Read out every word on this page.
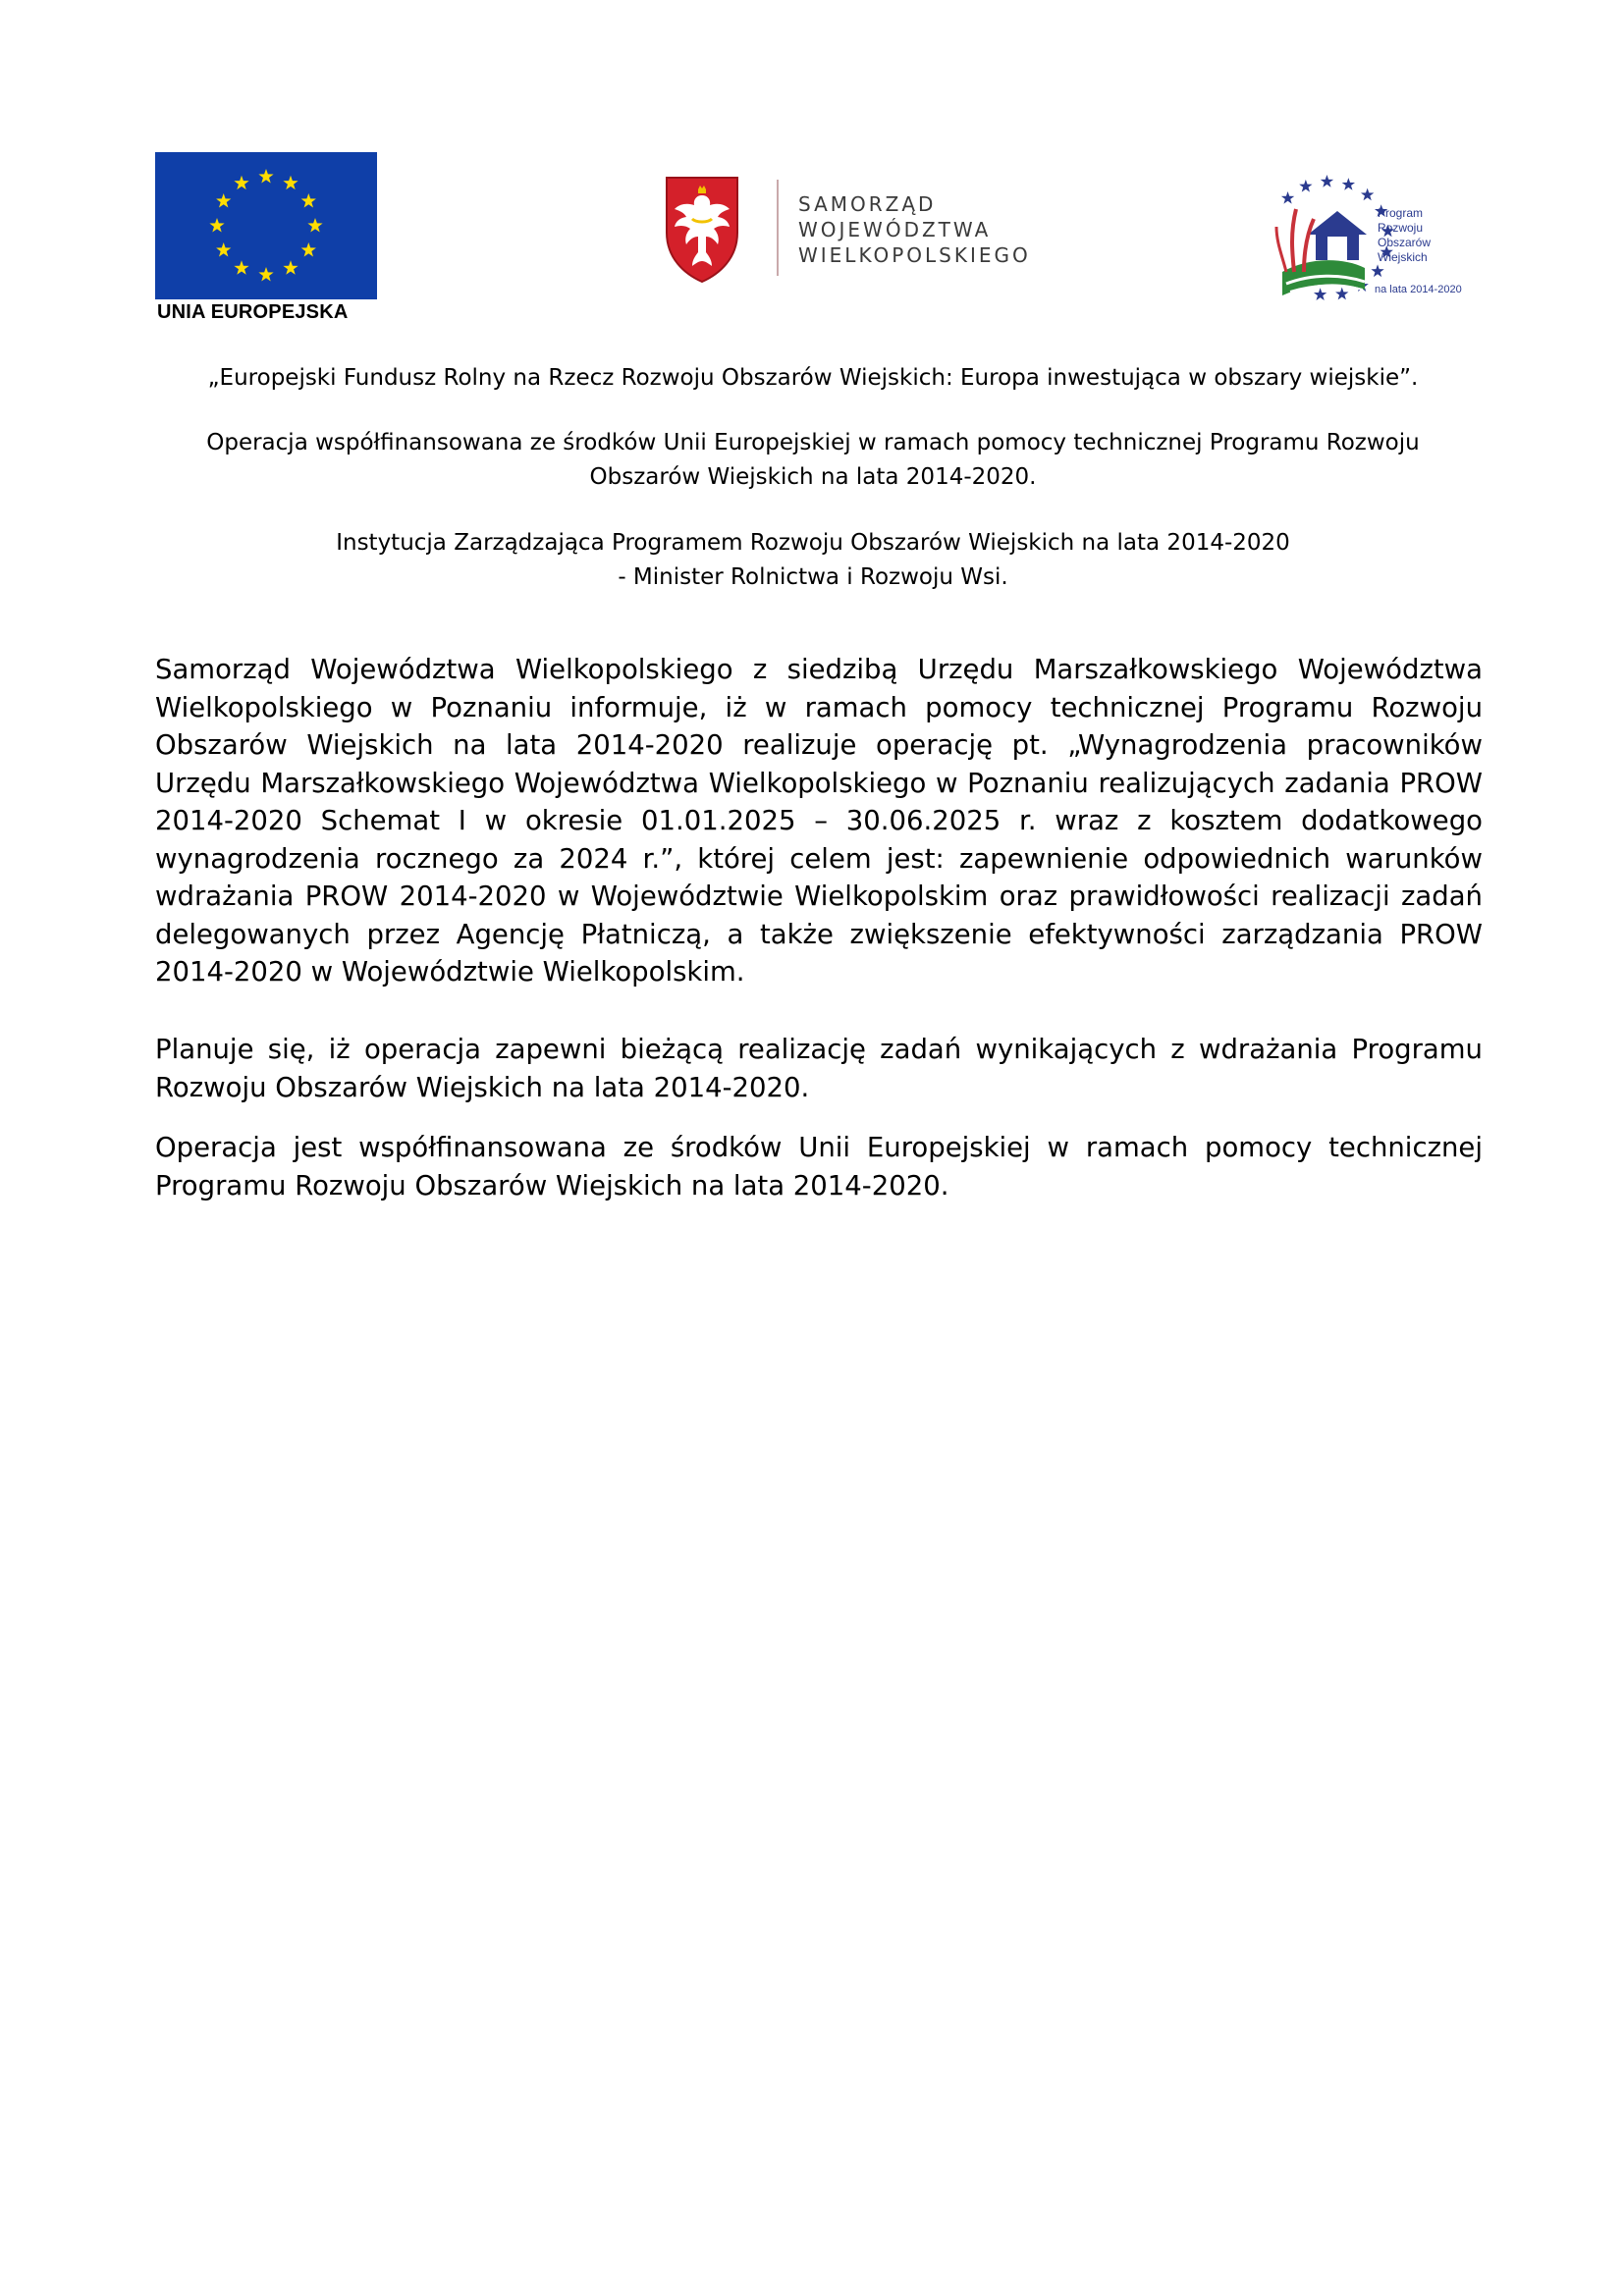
UNIA EUROPEJSKA
SAMORZĄD
WOJEWÓDZTWA
WIELKOPOLSKIEGO
Program
Rozwoju
Obszarów
Wiejskich
na lata 2014-2020
„Europejski Fundusz Rolny na Rzecz Rozwoju Obszarów Wiejskich: Europa inwestująca w obszary wiejskie”.
Operacja współfinansowana ze środków Unii Europejskiej w ramach pomocy technicznej Programu Rozwoju
Obszarów Wiejskich na lata 2014-2020.
Instytucja Zarządzająca Programem Rozwoju Obszarów Wiejskich na lata 2014-2020
- Minister Rolnictwa i Rozwoju Wsi.
Samorząd Województwa Wielkopolskiego z siedzibą Urzędu Marszałkowskiego Województwa Wielkopolskiego w Poznaniu informuje, iż w ramach pomocy technicznej Programu Rozwoju Obszarów Wiejskich na lata 2014-2020 realizuje operację pt. „Wynagrodzenia pracowników Urzędu Marszałkowskiego Województwa Wielkopolskiego w Poznaniu realizujących zadania PROW 2014-2020 Schemat I w okresie 01.01.2025 – 30.06.2025 r. wraz z kosztem dodatkowego wynagrodzenia rocznego za 2024 r.”, której celem jest: zapewnienie odpowiednich warunków wdrażania PROW 2014-2020 w Województwie Wielkopolskim oraz prawidłowości realizacji zadań delegowanych przez Agencję Płatniczą, a także zwiększenie efektywności zarządzania PROW 2014-2020 w Województwie Wielkopolskim.
Planuje się, iż operacja zapewni bieżącą realizację zadań wynikających z wdrażania Programu Rozwoju Obszarów Wiejskich na lata 2014-2020.
Operacja jest współfinansowana ze środków Unii Europejskiej w ramach pomocy technicznej Programu Rozwoju Obszarów Wiejskich na lata 2014-2020.
